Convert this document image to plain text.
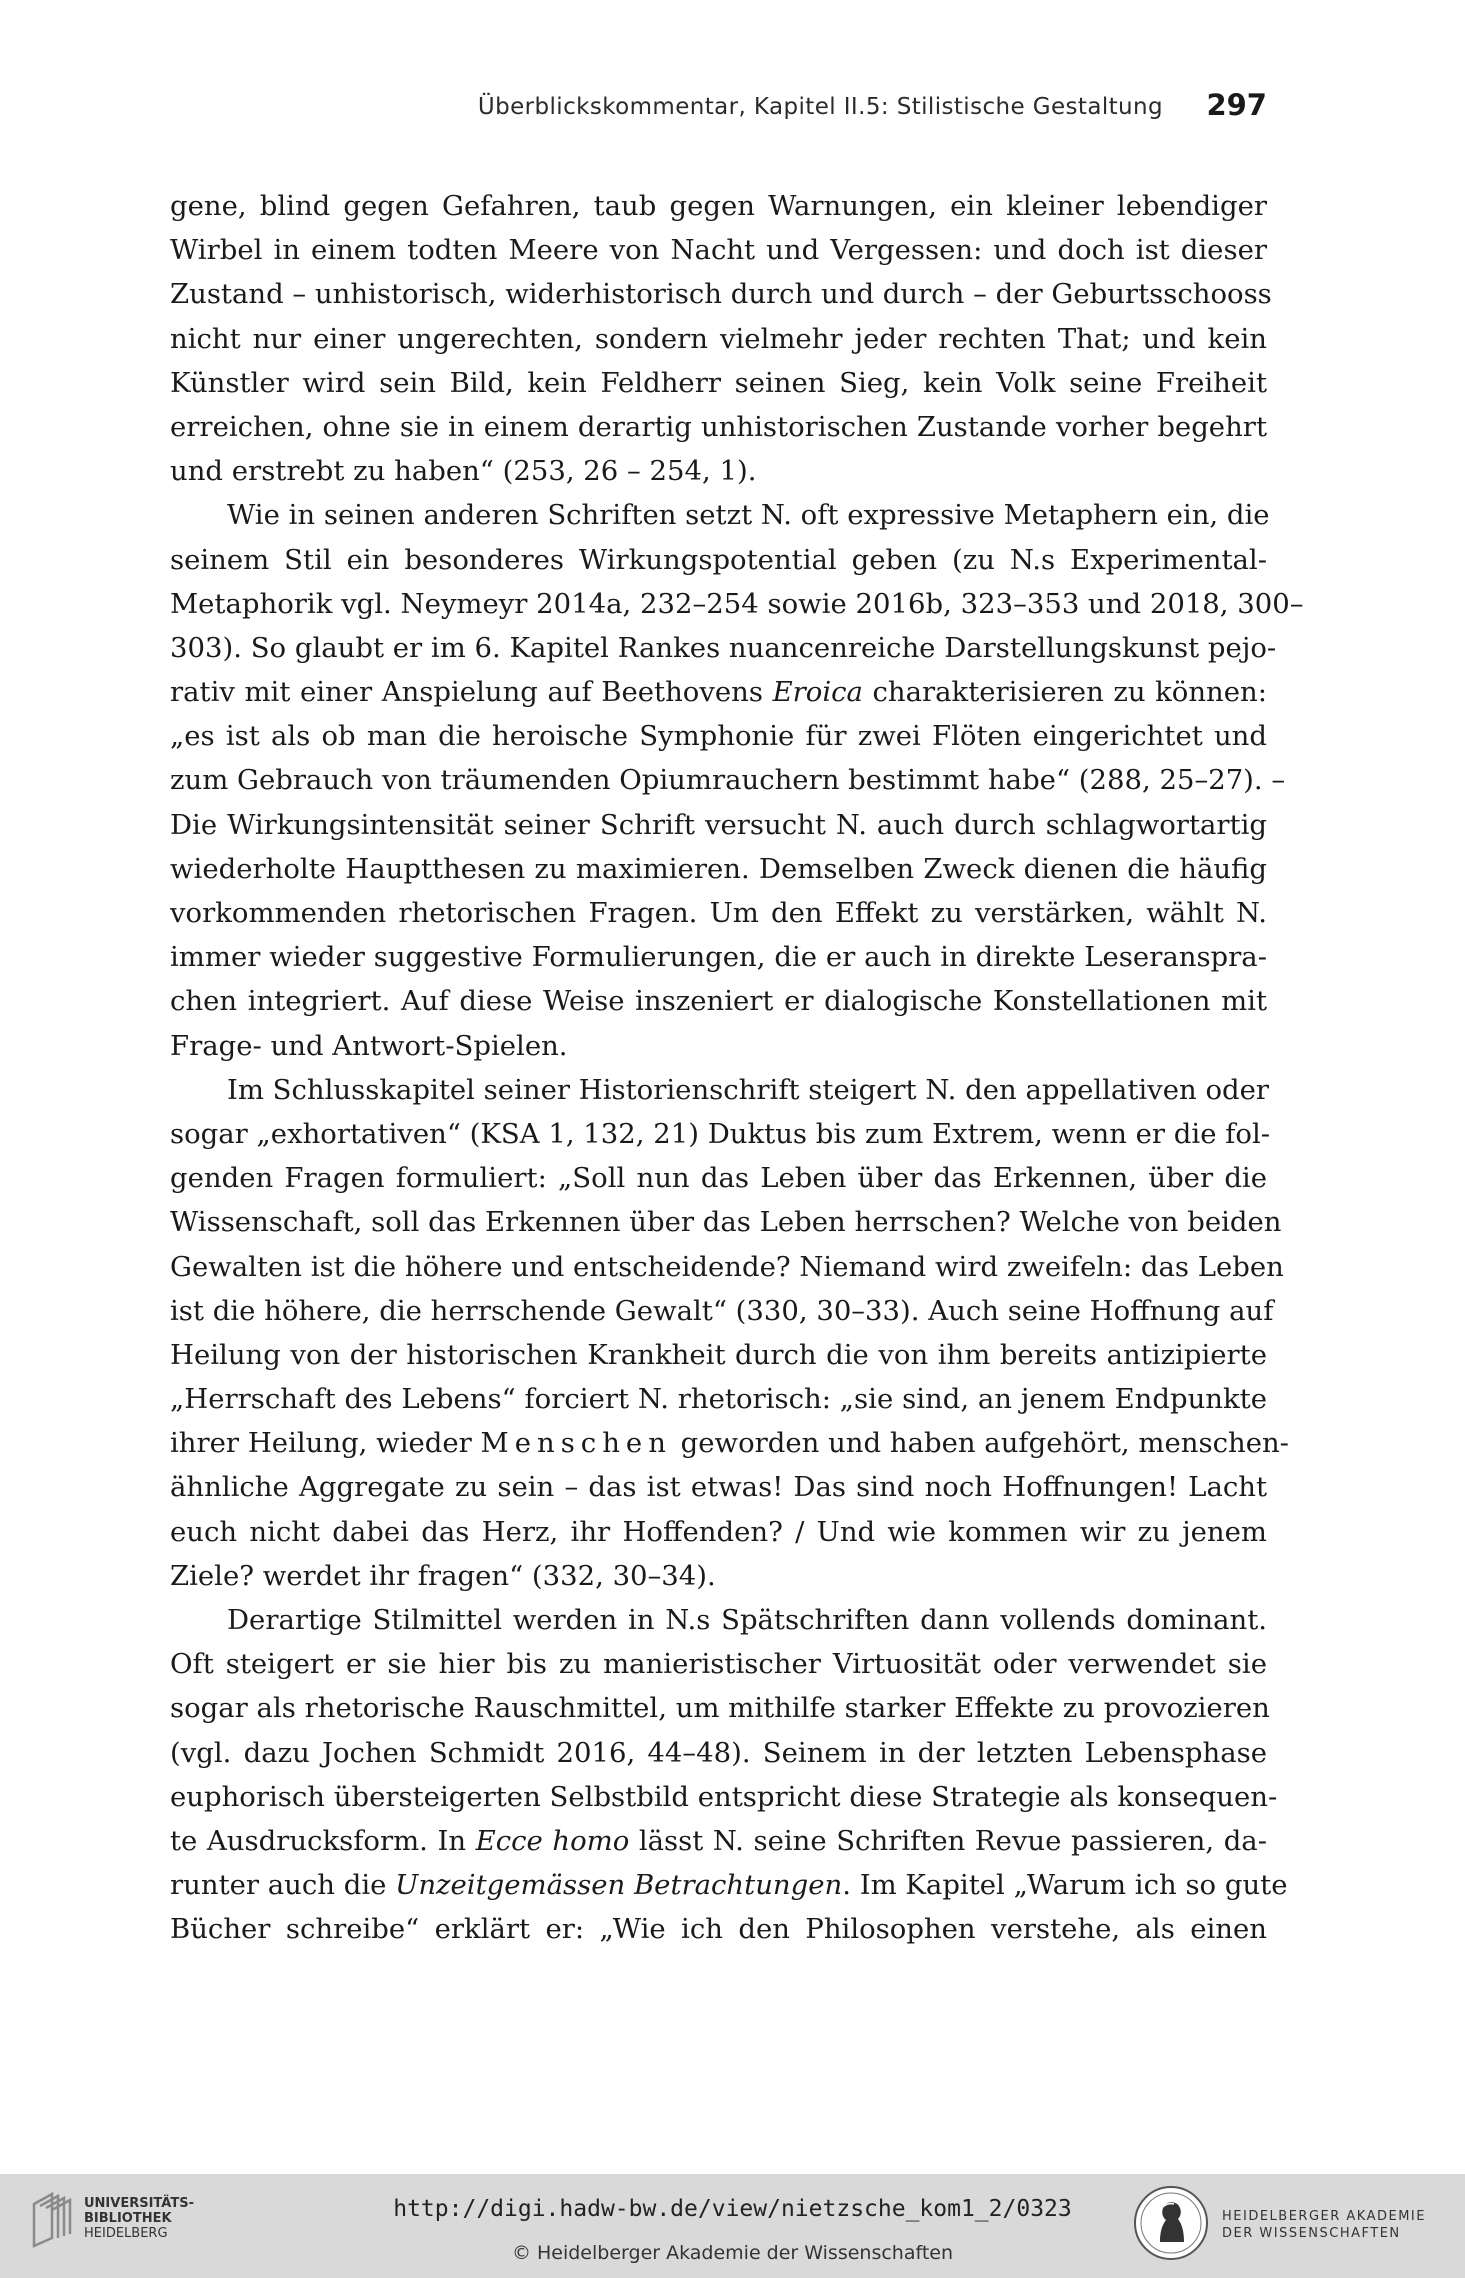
Überblickskommentar, Kapitel II.5: Stilistische Gestaltung 297
gene, blind gegen Gefahren, taub gegen Warnungen, ein kleiner lebendiger
Wirbel in einem todten Meere von Nacht und Vergessen: und doch ist dieser
Zustand – unhistorisch, widerhistorisch durch und durch – der Geburtsschooss
nicht nur einer ungerechten, sondern vielmehr jeder rechten That; und kein
Künstler wird sein Bild, kein Feldherr seinen Sieg, kein Volk seine Freiheit
erreichen, ohne sie in einem derartig unhistorischen Zustande vorher begehrt
und erstrebt zu haben“ (253, 26 – 254, 1).
Wie in seinen anderen Schriften setzt N. oft expressive Metaphern ein, die
seinem Stil ein besonderes Wirkungspotential geben (zu N.s Experimental-
Metaphorik vgl. Neymeyr 2014a, 232–254 sowie 2016b, 323–353 und 2018, 300–
303). So glaubt er im 6. Kapitel Rankes nuancenreiche Darstellungskunst pejo-
rativ mit einer Anspielung auf Beethovens Eroica charakterisieren zu können:
„es ist als ob man die heroische Symphonie für zwei Flöten eingerichtet und
zum Gebrauch von träumenden Opiumrauchern bestimmt habe“ (288, 25–27). –
Die Wirkungsintensität seiner Schrift versucht N. auch durch schlagwortartig
wiederholte Hauptthesen zu maximieren. Demselben Zweck dienen die häufig
vorkommenden rhetorischen Fragen. Um den Effekt zu verstärken, wählt N.
immer wieder suggestive Formulierungen, die er auch in direkte Leseranspra-
chen integriert. Auf diese Weise inszeniert er dialogische Konstellationen mit
Frage- und Antwort-Spielen.
Im Schlusskapitel seiner Historienschrift steigert N. den appellativen oder
sogar „exhortativen“ (KSA 1, 132, 21) Duktus bis zum Extrem, wenn er die fol-
genden Fragen formuliert: „Soll nun das Leben über das Erkennen, über die
Wissenschaft, soll das Erkennen über das Leben herrschen? Welche von beiden
Gewalten ist die höhere und entscheidende? Niemand wird zweifeln: das Leben
ist die höhere, die herrschende Gewalt“ (330, 30–33). Auch seine Hoffnung auf
Heilung von der historischen Krankheit durch die von ihm bereits antizipierte
„Herrschaft des Lebens“ forciert N. rhetorisch: „sie sind, an jenem Endpunkte
ihrer Heilung, wieder Menschen geworden und haben aufgehört, menschen-
ähnliche Aggregate zu sein – das ist etwas! Das sind noch Hoffnungen! Lacht
euch nicht dabei das Herz, ihr Hoffenden? / Und wie kommen wir zu jenem
Ziele? werdet ihr fragen“ (332, 30–34).
Derartige Stilmittel werden in N.s Spätschriften dann vollends dominant.
Oft steigert er sie hier bis zu manieristischer Virtuosität oder verwendet sie
sogar als rhetorische Rauschmittel, um mithilfe starker Effekte zu provozieren
(vgl. dazu Jochen Schmidt 2016, 44–48). Seinem in der letzten Lebensphase
euphorisch übersteigerten Selbstbild entspricht diese Strategie als konsequen-
te Ausdrucksform. In Ecce homo lässt N. seine Schriften Revue passieren, da-
runter auch die Unzeitgemässen Betrachtungen. Im Kapitel „Warum ich so gute
Bücher schreibe“ erklärt er: „Wie ich den Philosophen verstehe, als einen
UNIVERSITÄTS-
BIBLIOTHEK
HEIDELBERG
http://digi.hadw-bw.de/view/nietzsche_kom1_2/0323
© Heidelberger Akademie der Wissenschaften
HEIDELBERGER AKADEMIE
DER WISSENSCHAFTEN
